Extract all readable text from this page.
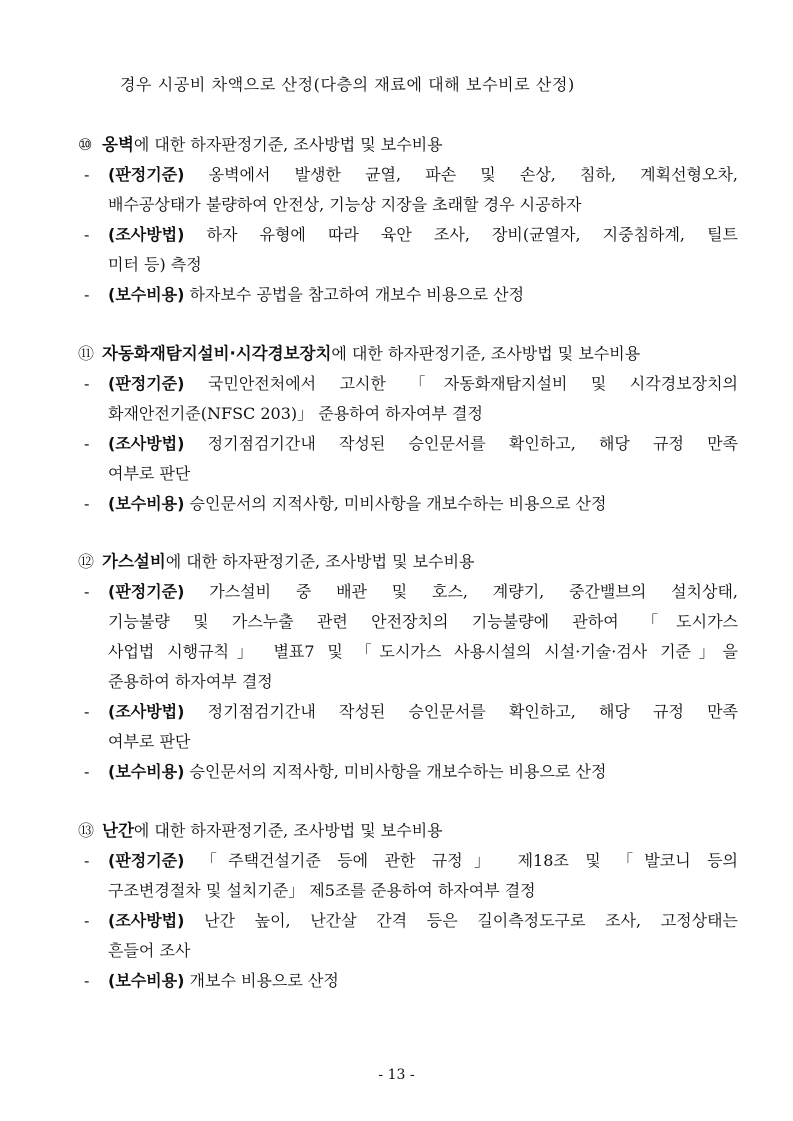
경우 시공비 차액으로 산정(다층의 재료에 대해 보수비로 산정)
⑩ 옹벽에 대한 하자판정기준, 조사방법 및 보수비용
-	( 판정기준 ) 옹벽에서 발생한 균열, 파손 및 손상, 침하, 계획선형오차,
배수공상태가 불량하여 안전상, 기능상 지장을 초래할 경우 시공하자
-	( 조사방법 ) 하자 유형에 따라 육안 조사, 장비(균열자, 지중침하계, 틸트
미터 등) 측정
-	( 보수비용 ) 하자보수 공법을 참고하여 개보수 비용으로 산정
⑪ 자동화재탐지설비·시각경보장치에 대한 하자판정기준, 조사방법 및 보수비용
-	( 판정기준 ) 국민안전처에서 고시한 「자동화재탐지설비 및 시각경보장치의
화재안전기준(NFSC 203)」 준용하여 하자여부 결정
-	( 조사방법 ) 정기점검기간내 작성된 승인문서를 확인하고, 해당 규정 만족
여부로 판단
-	( 보수비용 ) 승인문서의 지적사항, 미비사항을 개보수하는 비용으로 산정
⑫ 가스설비에 대한 하자판정기준, 조사방법 및 보수비용
-	( 판정기준 ) 가스설비 중 배관 및 호스, 계량기, 중간밸브의 설치상태,
기능불량 및 가스누출 관련 안전장치의 기능불량에 관하여 「도시가스
사업법 시행규칙」 별표7 및 「도시가스 사용시설의 시설·기술·검사 기준」을
준용하여 하자여부 결정
-	( 조사방법 ) 정기점검기간내 작성된 승인문서를 확인하고, 해당 규정 만족
여부로 판단
-	( 보수비용 ) 승인문서의 지적사항, 미비사항을 개보수하는 비용으로 산정
⑬ 난간에 대한 하자판정기준, 조사방법 및 보수비용
-	( 판정기준 ) 「주택건설기준 등에 관한 규정」 제18조 및 「발코니 등의
구조변경절차 및 설치기준」 제5조를 준용하여 하자여부 결정
-	( 조사방법 ) 난간 높이, 난간살 간격 등은 길이측정도구로 조사, 고정상태는
흔들어 조사
-	( 보수비용 ) 개보수 비용으로 산정
- 13 -
